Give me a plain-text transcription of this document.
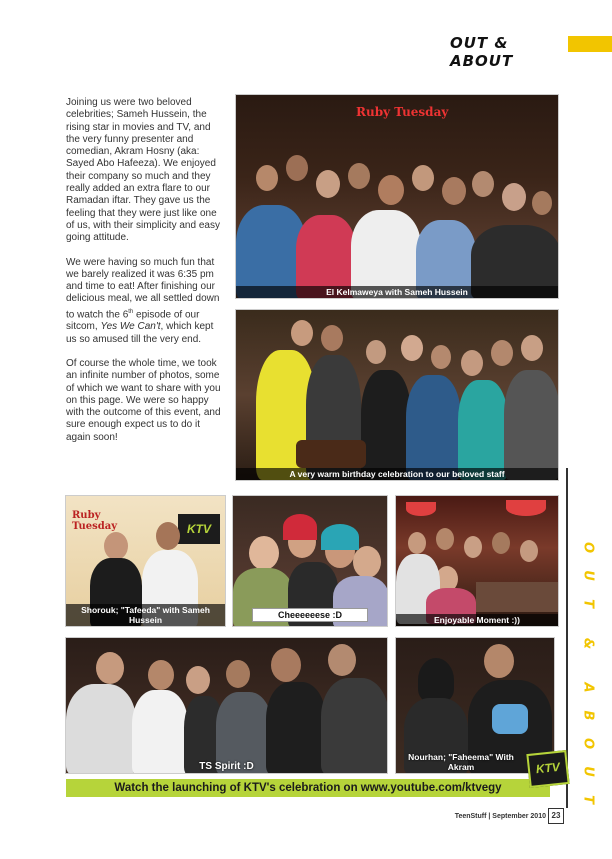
OUT & ABOUT

Joining us were two beloved celebrities; Sameh Hussein, the rising star in movies and TV, and the very funny presenter and comedian, Akram Hosny (aka: Sayed Abo Hafeeza). We enjoyed their company so much and they really added an extra flare to our Ramadan iftar. They gave us the feeling that they were just like one of us, with their simplicity and easy going attitude.

We were having so much fun that we barely realized it was 6:35 pm and time to eat! After finishing our delicious meal, we all settled down to watch the 6th episode of our sitcom, Yes We Can't, which kept us so amused till the very end.

Of course the whole time, we took an infinite number of photos, some of which we want to share with you on this page. We were so happy with the outcome of this event, and sure enough expect us to do it again soon!

Ruby Tuesday
El Kelmaweya with Sameh Hussein
A very warm birthday celebration to our beloved staff
Ruby Tuesday	KTV
Shorouk; "Tafeeda" with Sameh Hussein	Cheeeeeese :D	Enjoyable Moment :))
TS Spirit :D
Nourhan; "Faheema" With Akram
O
U
T
&
A
B
O
U
T
Watch the launching of KTV's celebration on www.youtube.com/ktvegy
KTV
TeenStuff | September 2010 23
